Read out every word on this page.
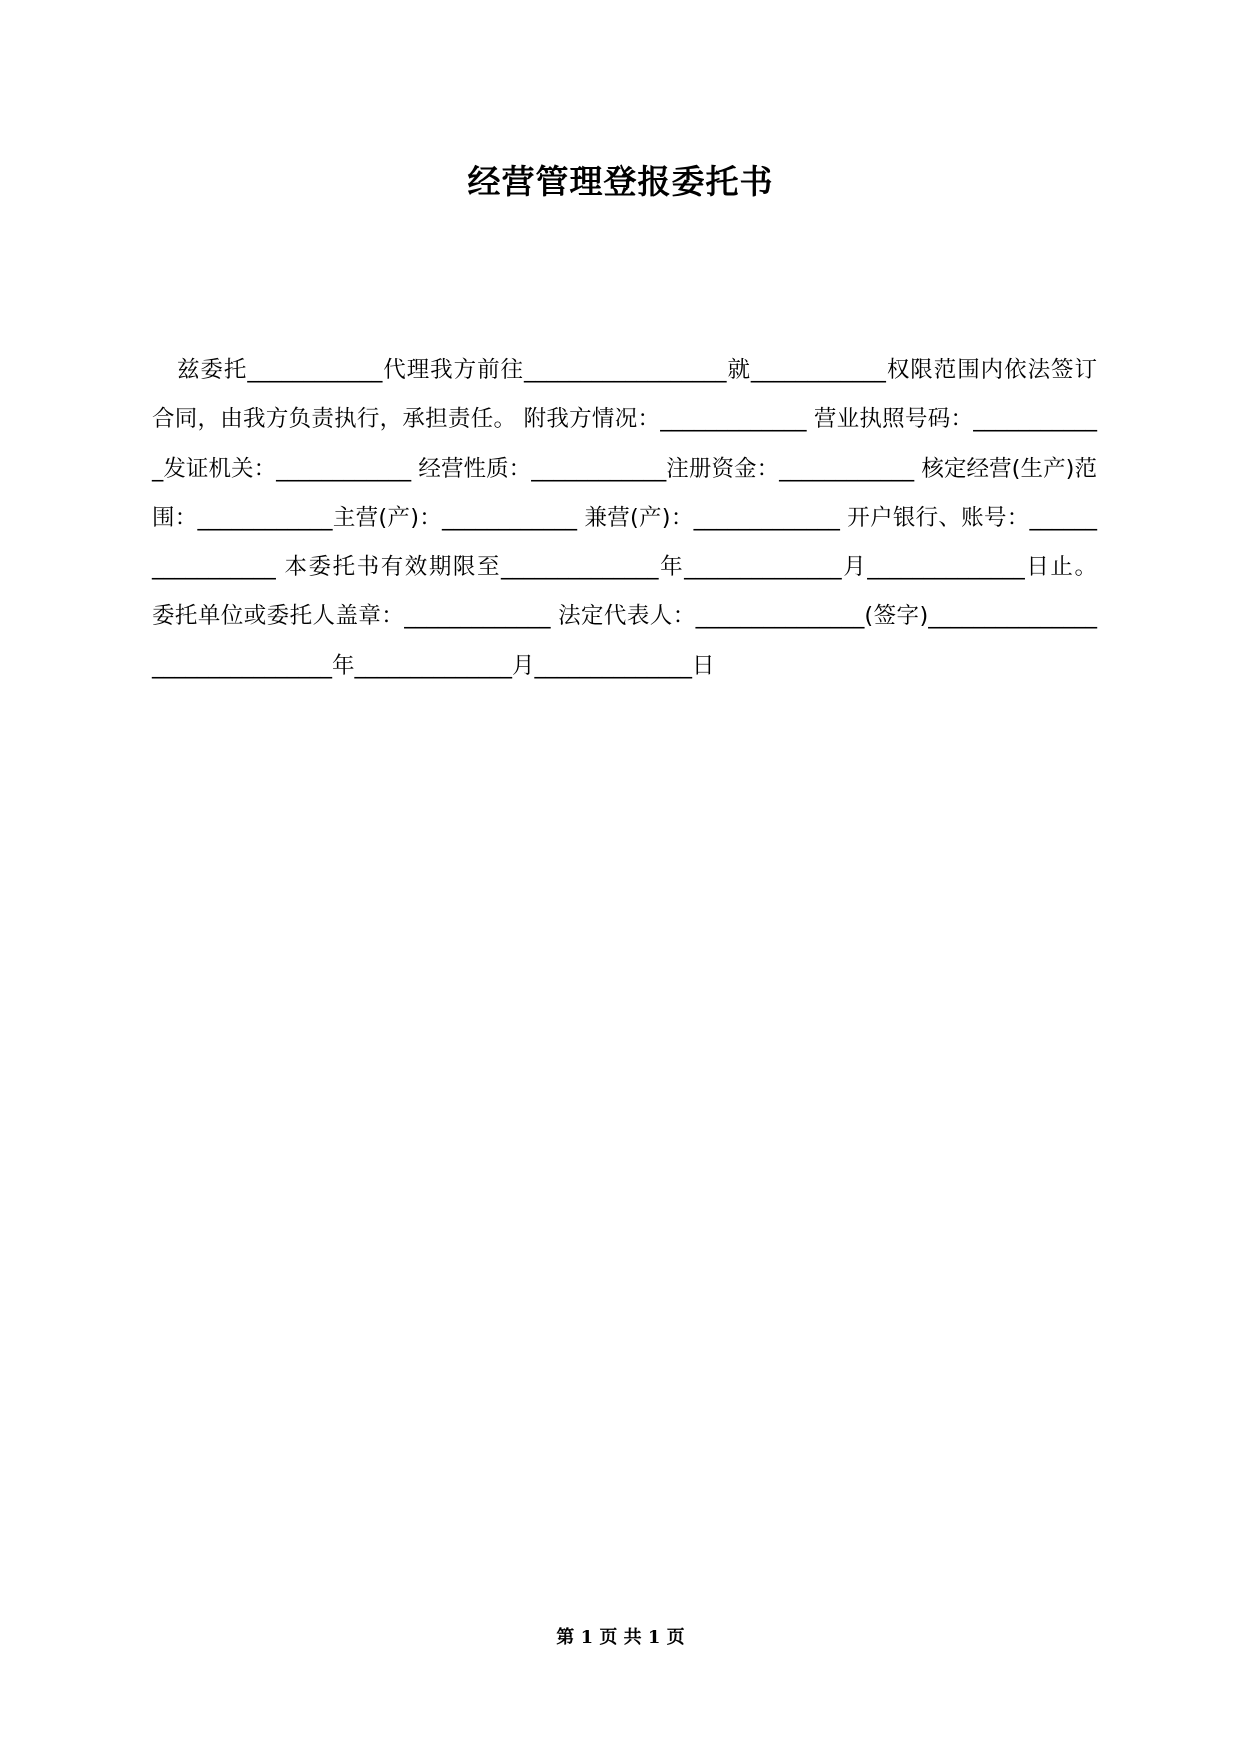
经营管理登报委托书
兹委托____________代理我方前往__________________就____________权限范围内依法签订合同，由我方负责执行，承担责任。 附我方情况：_____________ 营业执照号码：____________发证机关：____________ 经营性质：____________注册资金：____________ 核定经营(生产)范围：____________主营(产)：____________ 兼营(产)：_____________ 开户银行、账号：_________________ 本委托书有效期限至______________年______________月______________日止。 委托单位或委托人盖章：_____________ 法定代表人：_______________(签字)_______________________________年______________月______________日
第 1 页 共 1 页
